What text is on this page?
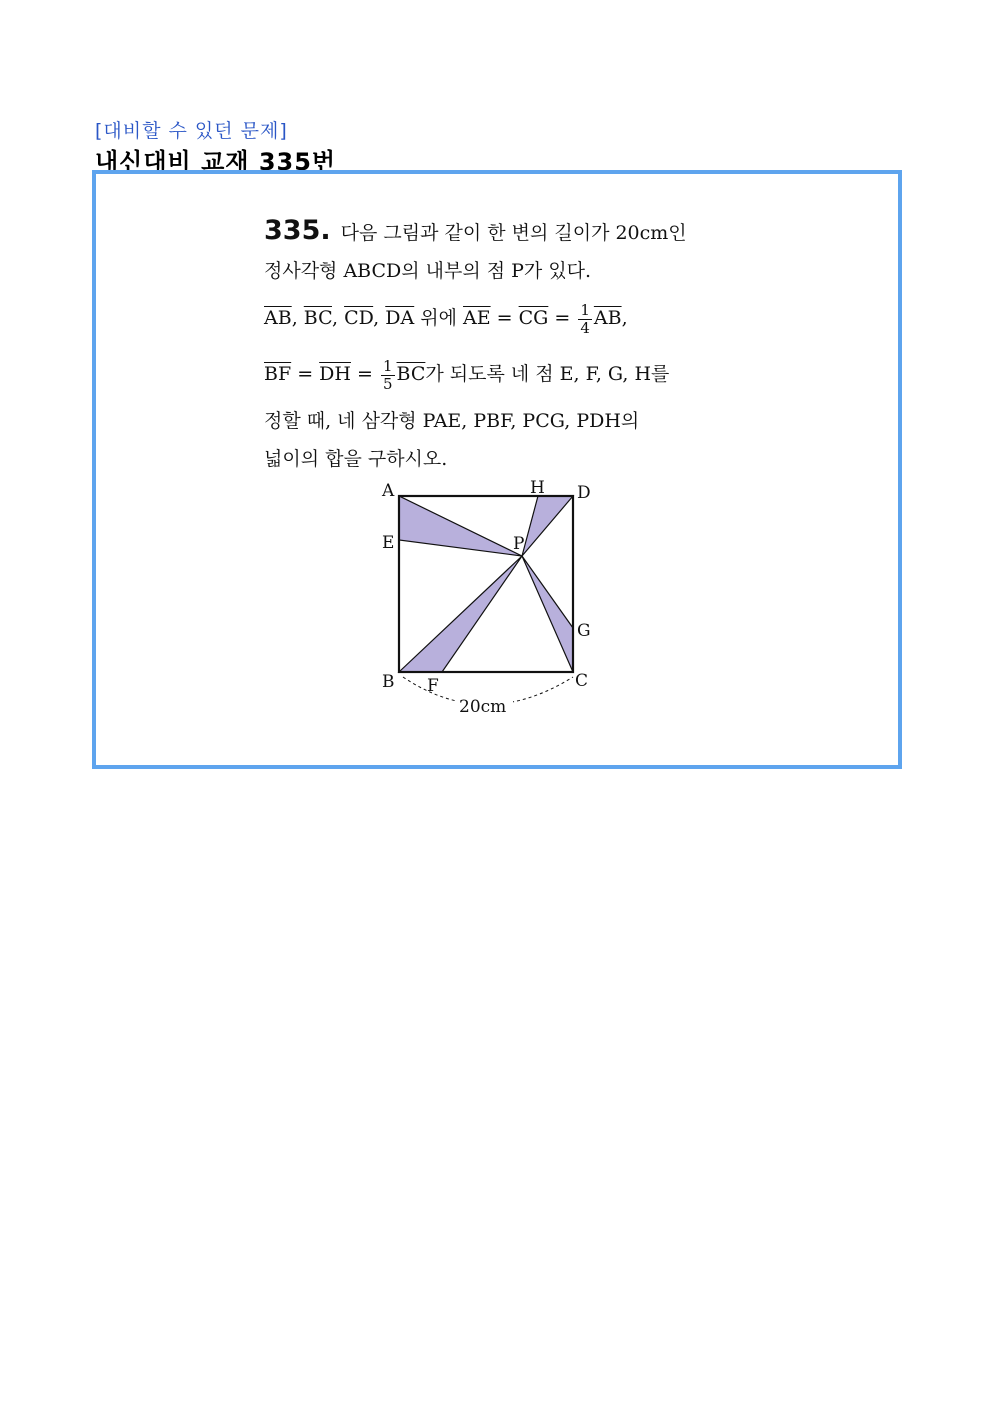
[대비할 수 있던 문제]
내신대비 교재 335번
335. 다음 그림과 같이 한 변의 길이가 20cm인
정사각형 ABCD의 내부의 점 P가 있다.
$\overline{AB}$, $\overline{BC}$, $\overline{CD}$, $\overline{DA}$ 위에 $\overline{AE} = \overline{CG} = \frac{1}{4} \overline{AB}$,
$\overline{BF} = \overline{DH} = \frac{1}{5} \overline{BC}$가 되도록 네 점 E, F, G, H를
정할 때, 네 삼각형 PAE, PBF, PCG, PDH의
넓이의 합을 구하시오.
20cm
A
B	C
D
E
F
G
H
P
